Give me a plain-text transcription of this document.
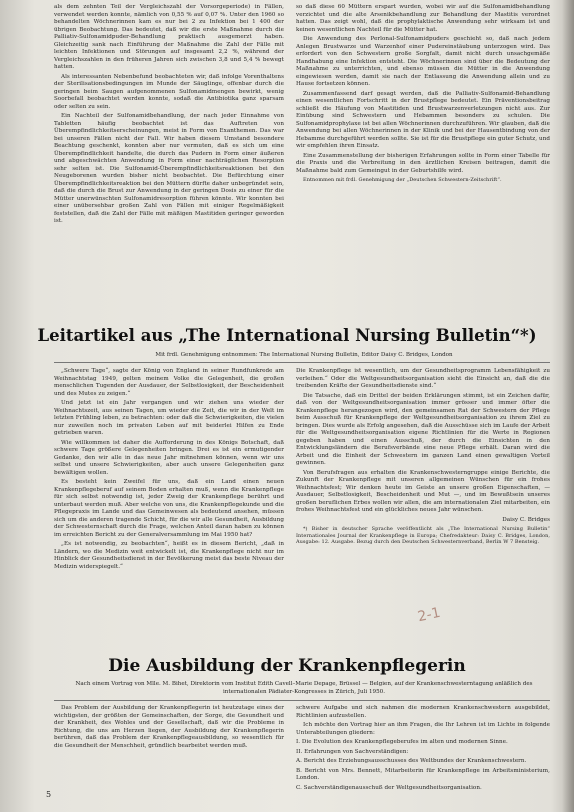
als dem zehnten Teil der Vergleichszahl der Vorsorgeperiode) in Fällen, verwendet werden konnte, nämlich von 0,55 % auf 0,07 %. Unter den 1960 so behandelten Wöchnerinnen kam es nur bei 2 zu Infektion bei 1 400 der übrigen Beobachtung. Das bedeutet, daß wir die erste Maßnahme durch die Palliativ-Sulfonamidpuder-Behandlung praktisch ausgemerzt haben. Gleichzeitig sank nach Einführung der Maßnahme die Zahl der Fälle mit leichten Infektionen und Störungen auf insgesamt 2,2 %, während der Vergleichszahlen in den früheren Jahren sich zwischen 3,8 und 5,4 % bewegt hatten.

Als interessanten Nebenbefund beobachteten wir, daß infolge Vorenthaltens der Sterilisationsbedingungen im Munde der Säuglinge, offenbar durch die geringen beim Saugen aufgenommenen Sulfonamidmengen bewirkt, wenig Soorbefall beobachtet werden konnte, sodaß die Antibiotika ganz sparsam oder selten zu sein.

Ein Nachteil der Sulfonamidbehandlung, der nach jeder Einnahme von Tabletten häufig beobachtet ist das Auftreten von Überempfindlichkeitserscheinungen, meist in Form von Exanthemen. Das war bei unseren Fällen nicht der Fall. Wir haben diesem Umstand besondere Beachtung geschenkt, konnten aber nur vermuten, daß es sich um eine Überempfindlichkeit handelte, die durch das Pudern in Form einer äußeren und abgeschwächten Anwendung in Form einer nachträglichen Resorption sehr selten ist. Die Sulfonamid-Überempfindlichkeitsreaktionen bei den Neugeborenen wurden bisher nicht beobachtet. Die Befürchtung einer Überempfindlichkeitsreaktion bei den Müttern dürfte daher unbegründet sein, daß die durch die Brust zur Anwendung in der geringen Dosis zu einer für die Mütter unerwünschten Sulfonamidresorption führen könnte. Wir konnten bei einer unübersehbar großen Zahl von Fällen mit einiger Regelmäßigkeit feststellen, daß die Zahl der Fälle mit mäßigen Mastitiden geringer geworden ist.

so daß diese 60 Müttern erspart wurden, wobei wir auf die Sulfonamidbehandlung verzichtet und die alte Arsenikbehandlung zur Behandlung der Mastitis verordnet hatten. Das zeigt wohl, daß die prophylaktische Anwendung sehr wirksam ist und keinen wesentlichen Nachteil für die Mütter hat.

Die Anwendung des Perlonal-Sulfonamidpuders geschieht so, daß nach jedem Anlegen Brustwarze und Warzenhof einer Pudereinstäubung unterzogen wird. Das erfordert von den Schwestern große Sorgfalt, damit nicht durch unsachgemäße Handhabung eine Infektion entsteht. Die Wöchnerinnen sind über die Bedeutung der Maßnahme zu unterrichten, und ebenso müssen die Mütter in die Anwendung eingewiesen werden, damit sie nach der Entlassung die Anwendung allein und zu Hause fortsetzen können.

Zusammenfassend darf gesagt werden, daß die Palliativ-Sulfonamid-Behandlung einen wesentlichen Fortschritt in der Brustpflege bedeutet. Ein Präventionsbeitrag schließt die Häufung von Mastitiden und Brustwarzenverletzungen nicht aus. Zur Einübung sind Schwestern und Hebammen besonders zu schulen. Die Sulfonamidprophylaxe ist bei allen Wöchnerinnen durchzuführen. Wir glauben, daß die Anwendung bei allen Wöchnerinnen in der Klinik und bei der Hausentbindung von der Hebamme durchgeführt werden sollte. Sie ist für die Brustpflege ein guter Schutz, und wir empfehlen ihren Einsatz.

Eine Zusammenstellung der bisherigen Erfahrungen sollte in Form einer Tabelle für die Praxis und die Verbreitung in den ärztlichen Kreisen beitragen, damit die Maßnahme bald zum Gemeingut in der Geburtshilfe wird.

Entnommen mit frdl. Genehmigung der „Deutschen Schwestern-Zeitschrift“.

Leitartikel aus „The International Nursing Bulletin“*)
Mit frdl. Genehmigung entnommen: The International Nursing Bulletin, Editor Daisy C. Bridges, London

„Schwere Tage“, sagte der König von England in seiner Rundfunkrede am Weihnachtstag 1949, gelten meinem Volke die Gelegenheit, die großen menschlichen Tugenden der Ausdauer, der Selbstlosigkeit, der Bescheidenheit und des Mutes zu zeigen.“

Und jetzt ist ein Jahr vergangen und wir ziehen uns wieder der Weihnachtszeit, aus seinen Tagen, um wieder die Zeit, die wir in der Welt im letzten Frühling leben, zu betrachten: oder daß die Schwierigkeiten, die vielen nur zuweilen noch im privaten Leben auf mit beiderlei Hilfen zu Ende getrieben waren.

Wie willkommen ist daher die Aufforderung in des Königs Botschaft, daß schwere Tage größere Gelegenheiten bringen. Drei es ist ein ermutigender Gedanke, den wir alle in das neue Jahr mitnehmen können, wenn wir uns selbst und unsere Schwierigkeiten, aber auch unsere Gelegenheiten ganz bewältigen wollen.

Es besteht kein Zweifel für uns, daß ein Land einen neuen Krankenpflegeberuf auf seinem Boden erhalten muß, wenn die Krankenpflege für sich selbst notwendig ist, jeder Zweig der Krankenpflege berührt und unterbaut werden muß. Aber welche von uns, die Krankenpflegekunde und die Pflegepraxis im Lande und das Gemeinwesen als bedeutend ansehen, müssen sich um die anderen tragende Schicht, für die wir alle Gesundheit, Ausbildung der Schwesternschaft durch die Frage, welchen Anteil daran haben zu können im erreichten Bericht zu der Generalversammlung im Mai 1950 hat?

„Es ist notwendig, zu beobachten“, heißt es in diesem Bericht, „daß in Ländern, wo die Medizin weit entwickelt ist, die Krankenpflege nicht nur im Hinblick der Gesundheitsdienst in der Bevölkerung meist das beste Niveau der Medizin widerspiegelt.“

Die Krankenpflege ist wesentlich, um der Gesundheitsprogramm Lebensfähigkeit zu verleihen.“ Oder die Weltgesundheitsorganisation sieht die Einsicht an, daß die die treibenden Kräfte der Gesundheitsdienste sind.“

Die Tatsache, daß ein Drittel der beiden Erklärungen stimmt, ist ein Zeichen dafür, daß von der Weltgesundheitsorganisation immer grösser und immer öfter die Krankenpflege herangezogen wird, den gemeinsamen Rat der Schwestern der Pflege beim Ausschuß für Krankenpflege der Weltgesundheitsorganisation zu ihrem Ziel zu bringen. Dies wurde als Erfolg angesehen, daß die Ausschüsse sich im Laufe der Arbeit für die Weltgesundheitsorganisation eigene Richtlinien für die Werte in Regionen gegeben haben und einen Ausschuß, der durch die Einsichten in den Entwicklungsländern die Berufsverbände eine neue Pflege erhält. Daran wird die Arbeit und die Einheit der Schwestern im ganzen Land einen gewaltigen Vorteil gewinnen.

Von Berufsfragen aus erhalten die Krankenschwesterngruppe einige Berichte, die Zukunft der Krankenpflege mit unseren allgemeinen Wünschen für ein frohes Weihnachtsfest; Wir denken heute im Geiste an unsere großen Eigenschaften, — Ausdauer, Selbstlosigkeit, Bescheidenheit und Mut —, und im Bewußtsein unseres großen beruflichen Erbes wollen wir allen, die am internationalen Ziel mitarbeiten, ein frohes Weihnachtsfest und ein glückliches neues Jahr wünschen.

Daisy C. Bridges

*) Bisher in deutscher Sprache veröffentlicht als „The International Nursing Bulletin“ Internationales Journal der Krankenpflege in Europa; Chefredakteur: Daisy C. Bridges, London, Ausgabe: 12. Ausgabe. Bezug durch den Deutschen Schwesternverband, Berlin W 7 Bensteig.

2-1
Die Ausbildung der Krankenpflegerin
Nach einem Vortrag von Mlle. M. Bihet, Direktorin vom Institut Edith Cavell–Marie Depage, Brüssel — Belgien, auf der Krankenschwesterntagung anläßlich des internationalen Pädiater-Kongresses in Zürich, Juli 1950.

Das Problem der Ausbildung der Krankenpflegerin ist heutzutage eines der wichtigsten, der größten der Gemeinschaften, der Sorge, die Gesundheit und der Krankheit, des Wohles und der Gesellschaft, daß wir die Probleme in Richtung, die uns am Herzen liegen, der Ausbildung der Krankenpflegerin berühren, daß das Problem der Krankenpflegeausbildung, so wesentlich für die Gesundheit der Menschheit, gründlich bearbeitet werden muß.

schwere Aufgabe und sich nahmen die modernen Krankenschwestern ausgebildet, Richtlinien aufzustellen.

Ich möchte den Vortrag hier an ihm Fragen, die Ihr Lehren ist im Lichte in folgende Unterabteilungen gliedern:

I. Die Evolution des Krankenpflegeberufes im alten und modernen Sinne.

II. Erfahrungen von Sachverständigen:

A. Bericht des Erziehungsausschusses des Weltbundes der Krankenschwestern.

B. Bericht von Mrs. Bennett, Mitarbeiterin für Krankenpflege im Arbeitsministerium, London.

C. Sachverständigenausschuß der Weltgesundheitsorganisation.

5
